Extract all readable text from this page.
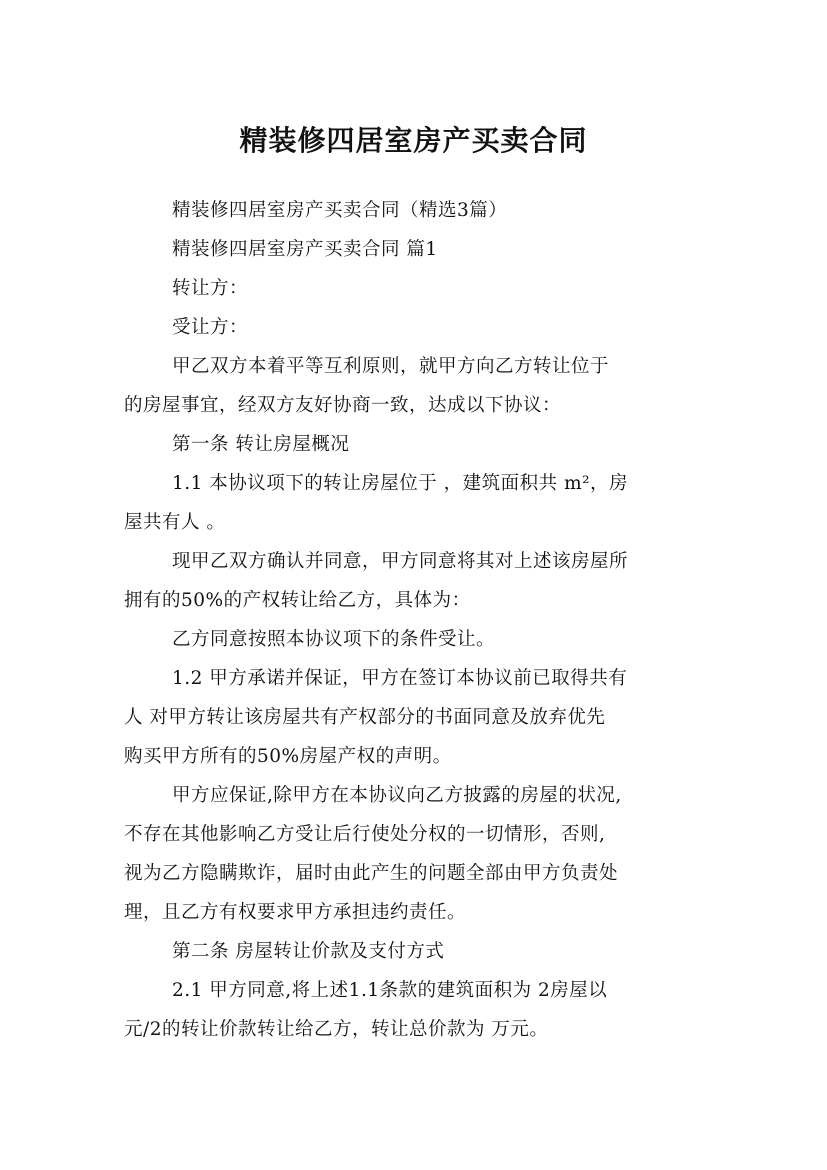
精装修四居室房产买卖合同

精装修四居室房产买卖合同（精选3篇）

精装修四居室房产买卖合同 篇1

转让方：

受让方：

甲乙双方本着平等互利原则，就甲方向乙方转让位于

的房屋事宜，经双方友好协商一致，达成以下协议：

第一条 转让房屋概况

1.1 本协议项下的转让房屋位于 ，建筑面积共 m²，房

屋共有人 。

现甲乙双方确认并同意，甲方同意将其对上述该房屋所

拥有的50%的产权转让给乙方，具体为：

乙方同意按照本协议项下的条件受让。

1.2 甲方承诺并保证，甲方在签订本协议前已取得共有

人 对甲方转让该房屋共有产权部分的书面同意及放弃优先

购买甲方所有的50%房屋产权的声明。

甲方应保证,除甲方在本协议向乙方披露的房屋的状况,

不存在其他影响乙方受让后行使处分权的一切情形，否则,

视为乙方隐瞒欺诈，届时由此产生的问题全部由甲方负责处

理，且乙方有权要求甲方承担违约责任。

第二条 房屋转让价款及支付方式

2.1 甲方同意,将上述1.1条款的建筑面积为 2房屋以

元/2的转让价款转让给乙方，转让总价款为 万元。
